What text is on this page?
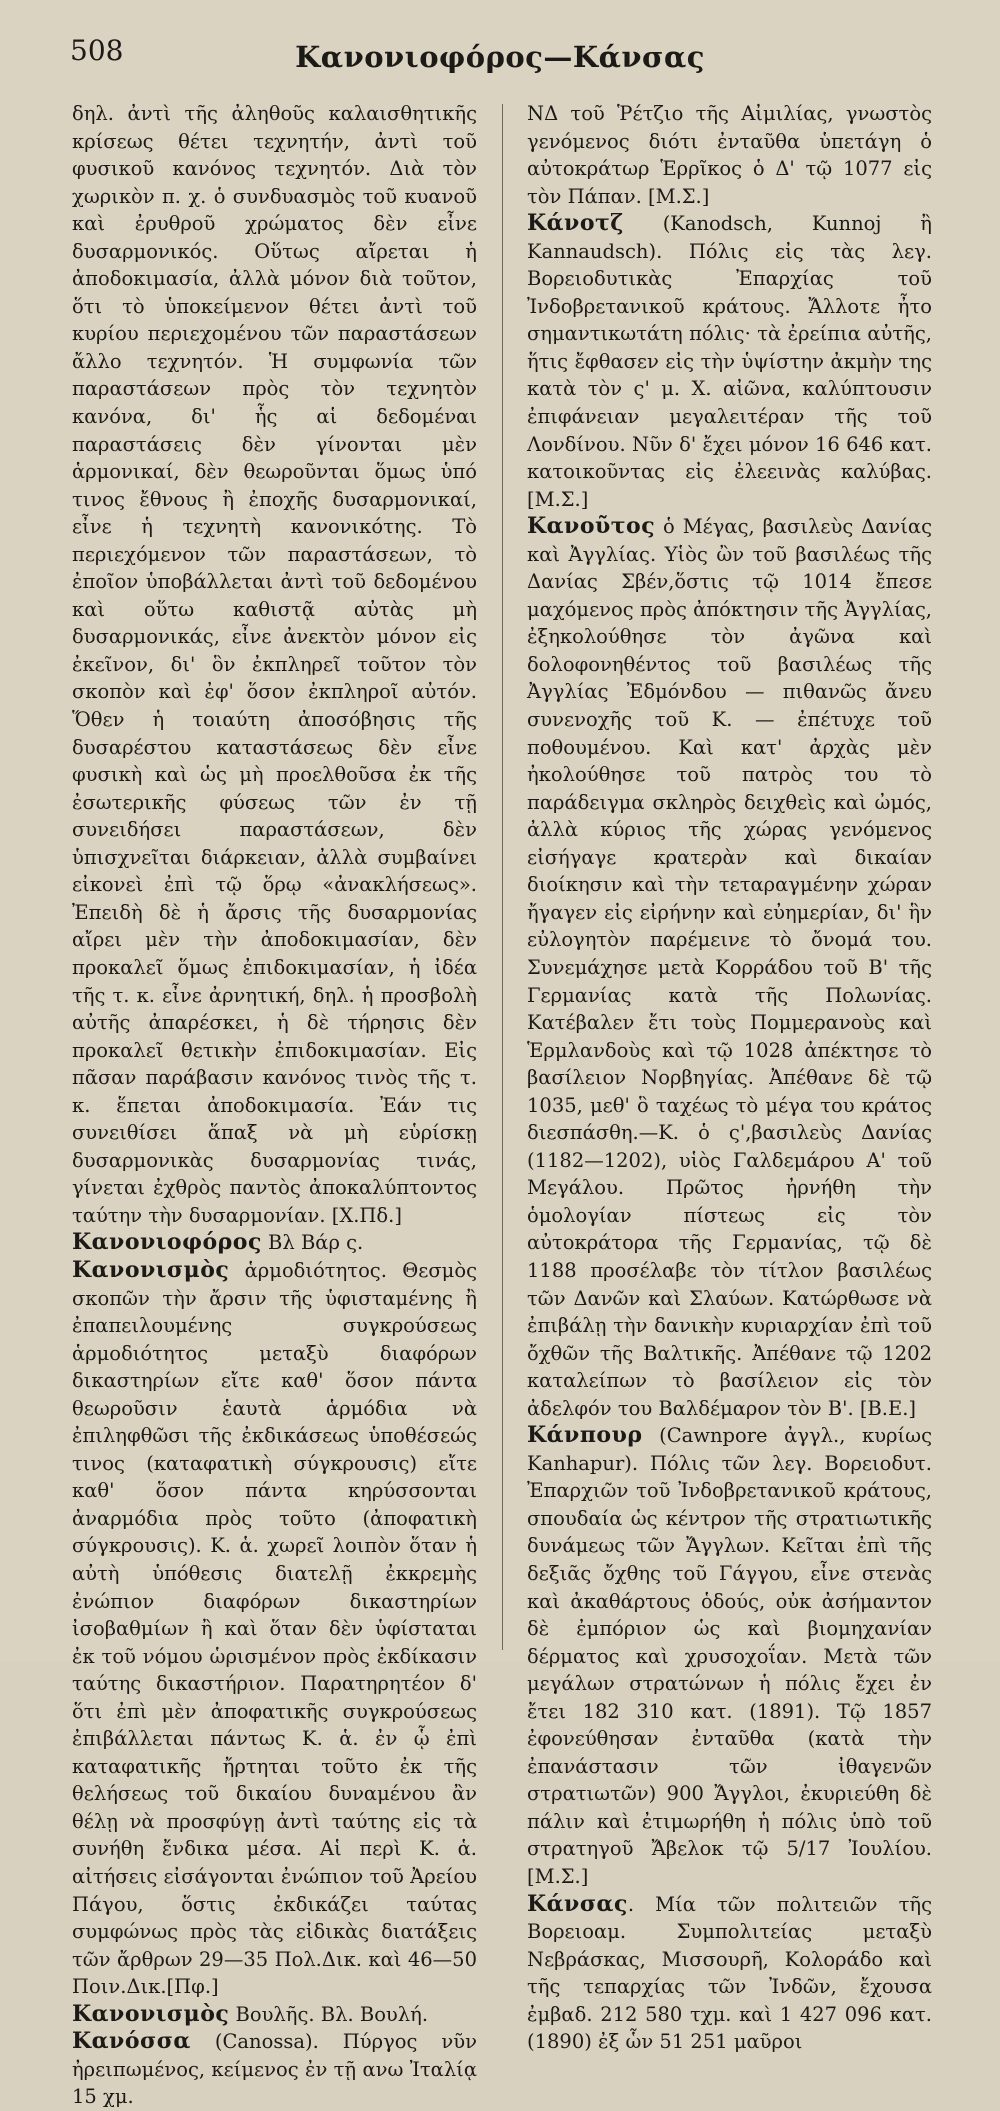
508	Κανονιοφόρος—Κάνσας

δηλ. ἀντὶ τῆς ἀληθοῦς καλαισθητικῆς κρίσεως θέτει τεχνητήν, ἀντὶ τοῦ φυσικοῦ κανόνος τεχνητόν. Διὰ τὸν χωρικὸν π. χ. ὁ συνδυασμὸς τοῦ κυανοῦ καὶ ἐρυθροῦ χρώματος δὲν εἶνε δυσαρμονικός. Οὕτως αἴρεται ἡ ἀποδοκιμασία, ἀλλὰ μόνον διὰ τοῦτον, ὅτι τὸ ὑποκείμενον θέτει ἀντὶ τοῦ κυρίου περιεχομένου τῶν παραστάσεων ἄλλο τεχνητόν. Ἡ συμφωνία τῶν παραστάσεων πρὸς τὸν τεχνητὸν κανόνα, δι' ἧς αἱ δεδομέναι παραστάσεις δὲν γίνονται μὲν ἁρμονικαί, δὲν θεωροῦνται ὅμως ὑπό τινος ἔθνους ἢ ἐποχῆς δυσαρμονικαί, εἶνε ἡ τεχνητὴ κανονικότης. Τὸ περιεχόμενον τῶν παραστάσεων, τὸ ἐποῖον ὑποβάλλεται ἀντὶ τοῦ δεδομένου καὶ οὕτω καθιστᾷ αὐτὰς μὴ δυσαρμονικάς, εἶνε ἀνεκτὸν μόνον εἰς ἐκεῖνον, δι' ὃν ἐκπληρεῖ τοῦτον τὸν σκοπὸν καὶ ἐφ' ὅσον ἐκπληροῖ αὐτόν. Ὅθεν ἡ τοιαύτη ἀποσόβησις τῆς δυσαρέστου καταστάσεως δὲν εἶνε φυσικὴ καὶ ὡς μὴ προελθοῦσα ἐκ τῆς ἐσωτερικῆς φύσεως τῶν ἐν τῇ συνειδήσει παραστάσεων, δὲν ὑπισχνεῖται διάρκειαν, ἀλλὰ συμβαίνει εἰκονεὶ ἐπὶ τῷ ὅρῳ «ἀνακλήσεως». Ἐπειδὴ δὲ ἡ ἄρσις τῆς δυσαρμονίας αἴρει μὲν τὴν ἀποδοκιμασίαν, δὲν προκαλεῖ ὅμως ἐπιδοκιμασίαν, ἡ ἰδέα τῆς τ. κ. εἶνε ἀρνητική, δηλ. ἡ προσβολὴ αὐτῆς ἀπαρέσκει, ἡ δὲ τήρησις δὲν προκαλεῖ θετικὴν ἐπιδοκιμασίαν. Εἰς πᾶσαν παράβασιν κανόνος τινὸς τῆς τ. κ. ἕπεται ἀποδοκιμασία. Ἐάν τις συνειθίσει ἅπαξ νὰ μὴ εὑρίσκῃ δυσαρμονικὰς δυσαρμονίας τινάς, γίνεται ἐχθρὸς παντὸς ἀποκαλύπτοντος ταύτην τὴν δυσαρμονίαν. [Χ.Πδ.]

Κανονιοφόρος Βλ Βάρ ς.

Κανονισμὸς ἁρμοδιότητος. Θεσμὸς σκοπῶν τὴν ἄρσιν τῆς ὑφισταμένης ἢ ἐπαπειλουμένης συγκρούσεως ἁρμοδιότητος μεταξὺ διαφόρων δικαστηρίων εἴτε καθ' ὅσον πάντα θεωροῦσιν ἑαυτὰ ἁρμόδια νὰ ἐπιληφθῶσι τῆς ἐκδικάσεως ὑποθέσεώς τινος (καταφατικὴ σύγκρουσις) εἴτε καθ' ὅσον πάντα κηρύσσονται ἀναρμόδια πρὸς τοῦτο (ἀποφατικὴ σύγκρουσις). Κ. ἁ. χωρεῖ λοιπὸν ὅταν ἡ αὐτὴ ὑπόθεσις διατελῇ ἐκκρεμὴς ἐνώπιον διαφόρων δικαστηρίων ἰσοβαθμίων ἢ καὶ ὅταν δὲν ὑφίσταται ἐκ τοῦ νόμου ὡρισμένον πρὸς ἐκδίκασιν ταύτης δικαστήριον. Παρατηρητέον δ' ὅτι ἐπὶ μὲν ἀποφατικῆς συγκρούσεως ἐπιβάλλεται πάντως Κ. ἁ. ἐν ᾧ ἐπὶ καταφατικῆς ἤρτηται τοῦτο ἐκ τῆς θελήσεως τοῦ δικαίου δυναμένου ἂν θέλῃ νὰ προσφύγῃ ἀντὶ ταύτης εἰς τὰ συνήθη ἔνδικα μέσα. Αἱ περὶ Κ. ἁ. αἰτήσεις εἰσάγονται ἐνώπιον τοῦ Ἀρείου Πάγου, ὅστις ἐκδικάζει ταύτας συμφώνως πρὸς τὰς εἰδικὰς διατάξεις τῶν ἄρθρων 29—35 Πολ.Δικ. καὶ 46—50 Ποιν.Δικ.[Πφ.]

Κανονισμὸς Βουλῆς. Βλ. Βουλή.

Κανόσσα (Canossa). Πύργος νῦν ἠρειπωμένος, κείμενος ἐν τῇ ανω Ἰταλίᾳ 15 χμ.

ΝΔ τοῦ Ῥέτζιο τῆς Αἰμιλίας, γνωστὸς γενόμενος διότι ἐνταῦθα ὑπετάγη ὁ αὐτοκράτωρ Ἑρρῖκος ὁ Δ' τῷ 1077 εἰς τὸν Πάπαν. [Μ.Σ.]

Κάνοτζ (Kanodsch, Kunnoj ἢ Kannaudsch). Πόλις εἰς τὰς λεγ. Βορειοδυτικὰς Ἐπαρχίας τοῦ Ἰνδοβρετανικοῦ κράτους. Ἄλλοτε ἦτο σημαντικωτάτη πόλις· τὰ ἐρείπια αὐτῆς, ἥτις ἔφθασεν εἰς τὴν ὑψίστην ἀκμὴν της κατὰ τὸν ς' μ. Χ. αἰῶνα, καλύπτουσιν ἐπιφάνειαν μεγαλειτέραν τῆς τοῦ Λονδίνου. Νῦν δ' ἔχει μόνον 16 646 κατ. κατοικοῦντας εἰς ἐλεεινὰς καλύβας. [Μ.Σ.]

Κανοῦτος ὁ Μέγας, βασιλεὺς Δανίας καὶ Ἀγγλίας. Υἱὸς ὢν τοῦ βασιλέως τῆς Δανίας Σβέν,ὅστις τῷ 1014 ἔπεσε μαχόμενος πρὸς ἀπόκτησιν τῆς Ἀγγλίας, ἐξηκολούθησε τὸν ἀγῶνα καὶ δολοφονηθέντος τοῦ βασιλέως τῆς Ἀγγλίας Ἐδμόνδου — πιθανῶς ἄνευ συνενοχῆς τοῦ Κ. — ἐπέτυχε τοῦ ποθουμένου. Καὶ κατ' ἀρχὰς μὲν ἠκολούθησε τοῦ πατρὸς του τὸ παράδειγμα σκληρὸς δειχθεὶς καὶ ὠμός, ἀλλὰ κύριος τῆς χώρας γενόμενος εἰσήγαγε κρατερὰν καὶ δικαίαν διοίκησιν καὶ τὴν τεταραγμένην χώραν ἤγαγεν εἰς εἰρήνην καὶ εὐημερίαν, δι' ἣν εὐλογητὸν παρέμεινε τὸ ὄνομά του. Συνεμάχησε μετὰ Κορράδου τοῦ Β' τῆς Γερμανίας κατὰ τῆς Πολωνίας. Κατέβαλεν ἔτι τοὺς Πομμερανοὺς καὶ Ἑρμλανδοὺς καὶ τῷ 1028 ἀπέκτησε τὸ βασίλειον Νορβηγίας. Ἀπέθανε δὲ τῷ 1035, μεθ' ὃ ταχέως τὸ μέγα του κράτος διεσπάσθη.—Κ. ὁ ς',βασιλεὺς Δανίας (1182—1202), υἱὸς Γαλδεμάρου Α' τοῦ Μεγάλου. Πρῶτος ἠρνήθη τὴν ὁμολογίαν πίστεως εἰς τὸν αὐτοκράτορα τῆς Γερμανίας, τῷ δὲ 1188 προσέλαβε τὸν τίτλον βασιλέως τῶν Δανῶν καὶ Σλαύων. Κατώρθωσε νὰ ἐπιβάλῃ τὴν δανικὴν κυριαρχίαν ἐπὶ τοῦ ὄχθῶν τῆς Βαλτικῆς. Ἀπέθανε τῷ 1202 καταλείπων τὸ βασίλειον εἰς τὸν ἀδελφόν του Βαλδέμαρον τὸν Β'. [Β.Ε.]

Κάνπουρ (Cawnpore ἀγγλ., κυρίως Kanhapur). Πόλις τῶν λεγ. Βορειοδυτ. Ἐπαρχιῶν τοῦ Ἰνδοβρετανικοῦ κράτους, σπουδαία ὡς κέντρον τῆς στρατιωτικῆς δυνάμεως τῶν Ἄγγλων. Κεῖται ἐπὶ τῆς δεξιᾶς ὄχθης τοῦ Γάγγου, εἶνε στενὰς καὶ ἀκαθάρτους ὁδούς, οὐκ ἀσήμαντον δὲ ἐμπόριον ὡς καὶ βιομηχανίαν δέρματος καὶ χρυσοχοΐαν. Μετὰ τῶν μεγάλων στρατώνων ἡ πόλις ἔχει ἐν ἔτει 182 310 κατ. (1891). Τῷ 1857 ἐφονεύθησαν ἐνταῦθα (κατὰ τὴν ἐπανάστασιν τῶν ἰθαγενῶν στρατιωτῶν) 900 Ἄγγλοι, ἐκυριεύθη δὲ πάλιν καὶ ἐτιμωρήθη ἡ πόλις ὑπὸ τοῦ στρατηγοῦ Ἄβελοκ τῷ 5/17 Ἰουλίου. [Μ.Σ.]

Κάνσας. Μία τῶν πολιτειῶν τῆς Βορειοαμ. Συμπολιτείας μεταξὺ Νεβράσκας, Μισσουρῆ, Κολοράδο καὶ τῆς τεπαρχίας τῶν Ἰνδῶν, ἔχουσα ἐμβαδ. 212 580 τχμ. καὶ 1 427 096 κατ. (1890) ἐξ ὧν 51 251 μαῦροι
